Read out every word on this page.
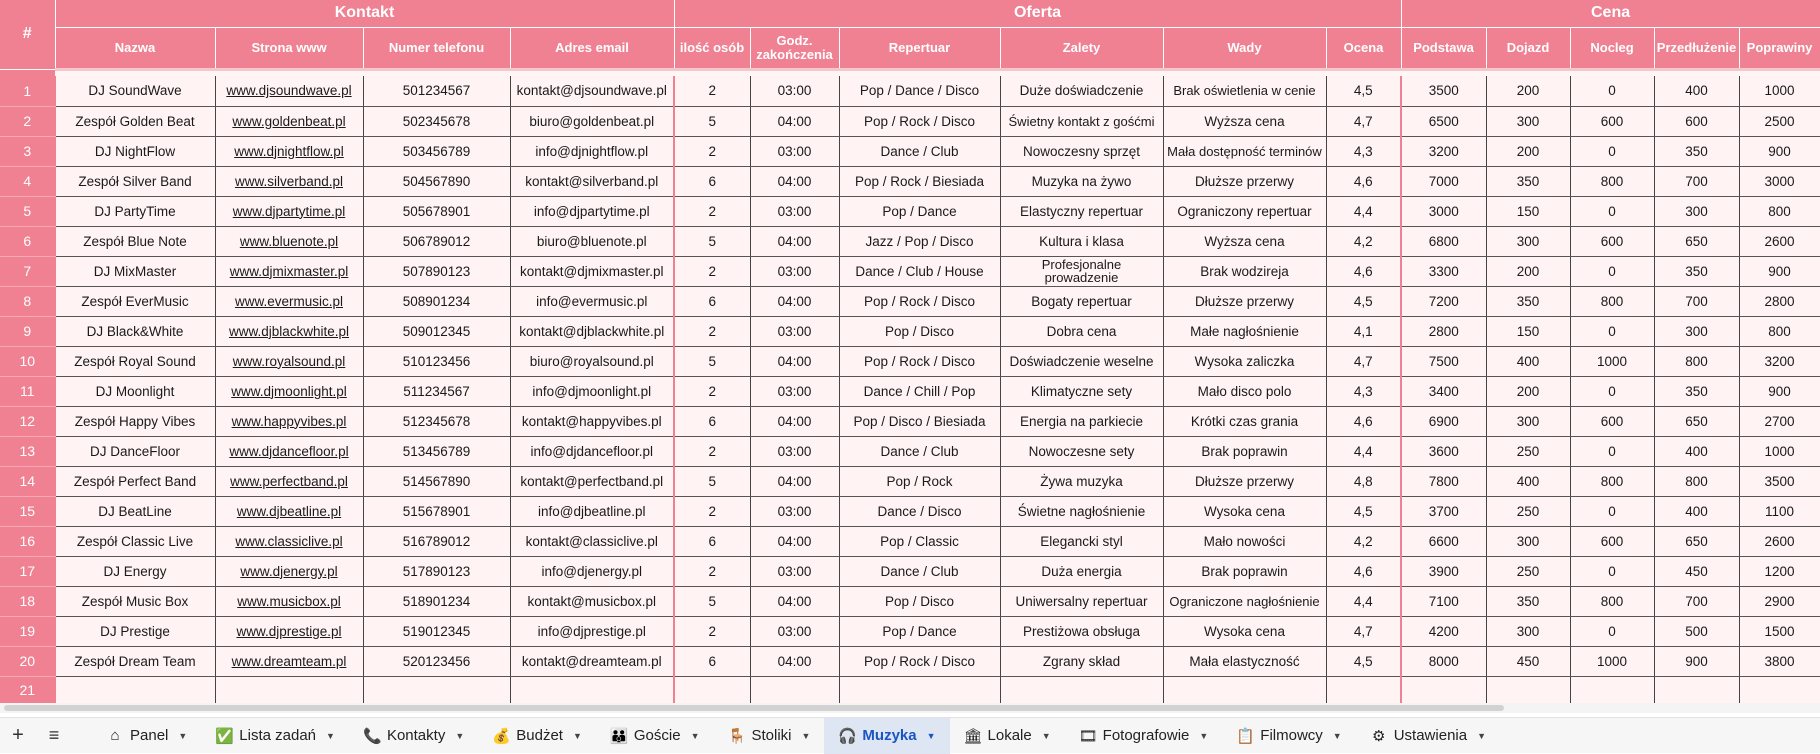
#	Kontakt				Oferta						Cena				
	Nazwa	Strona www	Numer telefonu	Adres email	ilość osób	Godz. zakończenia	Repertuar	Zalety	Wady	Ocena	Podstawa	Dojazd	Nocleg	Przedłużenie	Poprawiny

1	DJ SoundWave	www.djsoundwave.pl	501234567	kontakt@djsoundwave.pl	2	03:00	Pop / Dance / Disco	Duże doświadczenie	Brak oświetlenia w cenie	4,5	3500	200	0	400	1000
2	Zespół Golden Beat	www.goldenbeat.pl	502345678	biuro@goldenbeat.pl	5	04:00	Pop / Rock / Disco	Świetny kontakt z gośćmi	Wyższa cena	4,7	6500	300	600	600	2500
3	DJ NightFlow	www.djnightflow.pl	503456789	info@djnightflow.pl	2	03:00	Dance / Club	Nowoczesny sprzęt	Mała dostępność terminów	4,3	3200	200	0	350	900
4	Zespół Silver Band	www.silverband.pl	504567890	kontakt@silverband.pl	6	04:00	Pop / Rock / Biesiada	Muzyka na żywo	Dłuższe przerwy	4,6	7000	350	800	700	3000
5	DJ PartyTime	www.djpartytime.pl	505678901	info@djpartytime.pl	2	03:00	Pop / Dance	Elastyczny repertuar	Ograniczony repertuar	4,4	3000	150	0	300	800
6	Zespół Blue Note	www.bluenote.pl	506789012	biuro@bluenote.pl	5	04:00	Jazz / Pop / Disco	Kultura i klasa	Wyższa cena	4,2	6800	300	600	650	2600
7	DJ MixMaster	www.djmixmaster.pl	507890123	kontakt@djmixmaster.pl	2	03:00	Dance / Club / House	Profesjonalne prowadzenie	Brak wodzireja	4,6	3300	200	0	350	900
8	Zespół EverMusic	www.evermusic.pl	508901234	info@evermusic.pl	6	04:00	Pop / Rock / Disco	Bogaty repertuar	Dłuższe przerwy	4,5	7200	350	800	700	2800
9	DJ Black&White	www.djblackwhite.pl	509012345	kontakt@djblackwhite.pl	2	03:00	Pop / Disco	Dobra cena	Małe nagłośnienie	4,1	2800	150	0	300	800
10	Zespół Royal Sound	www.royalsound.pl	510123456	biuro@royalsound.pl	5	04:00	Pop / Rock / Disco	Doświadczenie weselne	Wysoka zaliczka	4,7	7500	400	1000	800	3200
11	DJ Moonlight	www.djmoonlight.pl	511234567	info@djmoonlight.pl	2	03:00	Dance / Chill / Pop	Klimatyczne sety	Mało disco polo	4,3	3400	200	0	350	900
12	Zespół Happy Vibes	www.happyvibes.pl	512345678	kontakt@happyvibes.pl	6	04:00	Pop / Disco / Biesiada	Energia na parkiecie	Krótki czas grania	4,6	6900	300	600	650	2700
13	DJ DanceFloor	www.djdancefloor.pl	513456789	info@djdancefloor.pl	2	03:00	Dance / Club	Nowoczesne sety	Brak poprawin	4,4	3600	250	0	400	1000
14	Zespół Perfect Band	www.perfectband.pl	514567890	kontakt@perfectband.pl	5	04:00	Pop / Rock	Żywa muzyka	Dłuższe przerwy	4,8	7800	400	800	800	3500
15	DJ BeatLine	www.djbeatline.pl	515678901	info@djbeatline.pl	2	03:00	Dance / Disco	Świetne nagłośnienie	Wysoka cena	4,5	3700	250	0	400	1100
16	Zespół Classic Live	www.classiclive.pl	516789012	kontakt@classiclive.pl	6	04:00	Pop / Classic	Elegancki styl	Mało nowości	4,2	6600	300	600	650	2600
17	DJ Energy	www.djenergy.pl	517890123	info@djenergy.pl	2	03:00	Dance / Club	Duża energia	Brak poprawin	4,6	3900	250	0	450	1200
18	Zespół Music Box	www.musicbox.pl	518901234	kontakt@musicbox.pl	5	04:00	Pop / Disco	Uniwersalny repertuar	Ograniczone nagłośnienie	4,4	7100	350	800	700	2900
19	DJ Prestige	www.djprestige.pl	519012345	info@djprestige.pl	2	03:00	Pop / Dance	Prestiżowa obsługa	Wysoka cena	4,7	4200	300	0	500	1500
20	Zespół Dream Team	www.dreamteam.pl	520123456	kontakt@dreamteam.pl	6	04:00	Pop / Rock / Disco	Zgrany skład	Mała elastyczność	4,5	8000	450	1000	900	3800
21															
+	≡	⌂ Panel ▼ ✅ Lista zadań ▼ 📞 Kontakty ▼ 💰 Budżet ▼ 👪 Goście ▼ 🪑 Stoliki ▼ 🎧 Muzyka ▼ 🏛 Lokale ▼ 🎞 Fotografowie ▼ 📋 Filmowcy ▼ ⚙ Ustawienia ▼
